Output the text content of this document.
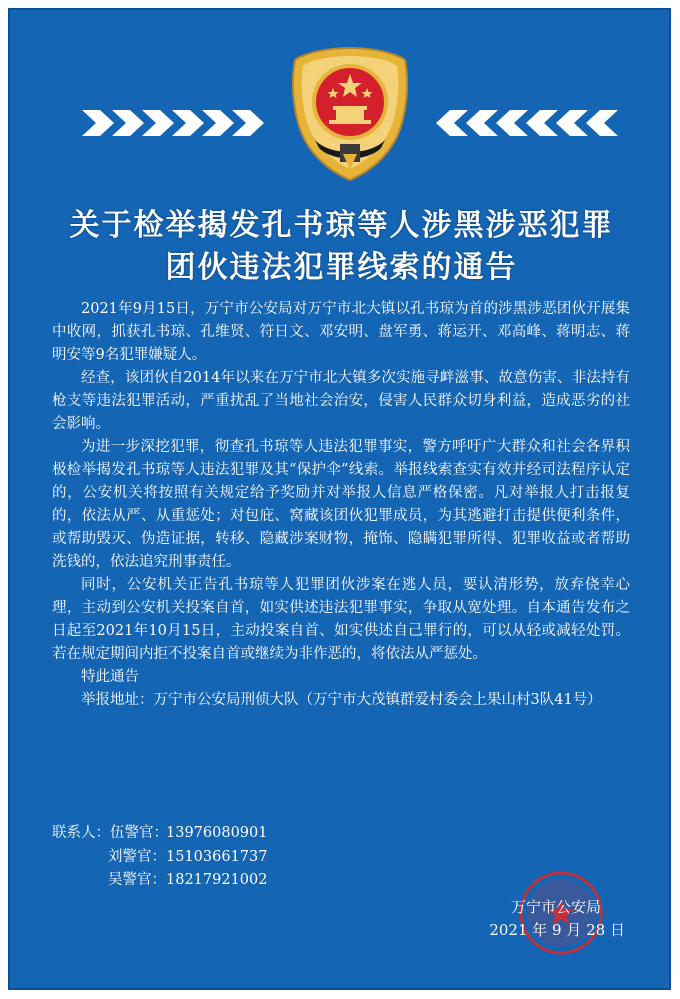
关于检举揭发孔书琼等人涉黑涉恶犯罪
团伙违法犯罪线索的通告

2021年9月15日，万宁市公安局对万宁市北大镇以孔书琼为首的涉黑涉恶团伙开展集中收网，抓获孔书琼、孔维贤、符日文、邓安明、盘军勇、蒋运开、邓高峰、蒋明志、蒋明安等9名犯罪嫌疑人。

经查，该团伙自2014年以来在万宁市北大镇多次实施寻衅滋事、故意伤害、非法持有枪支等违法犯罪活动，严重扰乱了当地社会治安，侵害人民群众切身利益，造成恶劣的社会影响。

为进一步深挖犯罪，彻查孔书琼等人违法犯罪事实，警方呼吁广大群众和社会各界积极检举揭发孔书琼等人违法犯罪及其“保护伞”线索。举报线索查实有效并经司法程序认定的，公安机关将按照有关规定给予奖励并对举报人信息严格保密。凡对举报人打击报复的，依法从严、从重惩处；对包庇、窝藏该团伙犯罪成员，为其逃避打击提供便利条件，或帮助毁灭、伪造证据，转移、隐藏涉案财物，掩饰、隐瞒犯罪所得、犯罪收益或者帮助洗钱的，依法追究刑事责任。

同时，公安机关正告孔书琼等人犯罪团伙涉案在逃人员，要认清形势，放弃侥幸心理，主动到公安机关投案自首，如实供述违法犯罪事实，争取从宽处理。自本通告发布之日起至2021年10月15日，主动投案自首、如实供述自己罪行的，可以从轻或减轻处罚。若在规定期间内拒不投案自首或继续为非作恶的，将依法从严惩处。

特此通告

举报地址：万宁市公安局刑侦大队（万宁市大茂镇群爱村委会上果山村3队41号）

联系人：伍警官：13976080901
刘警官：15103661737
吴警官：18217921002
万宁市公安局
2021 年 9 月 28 日
